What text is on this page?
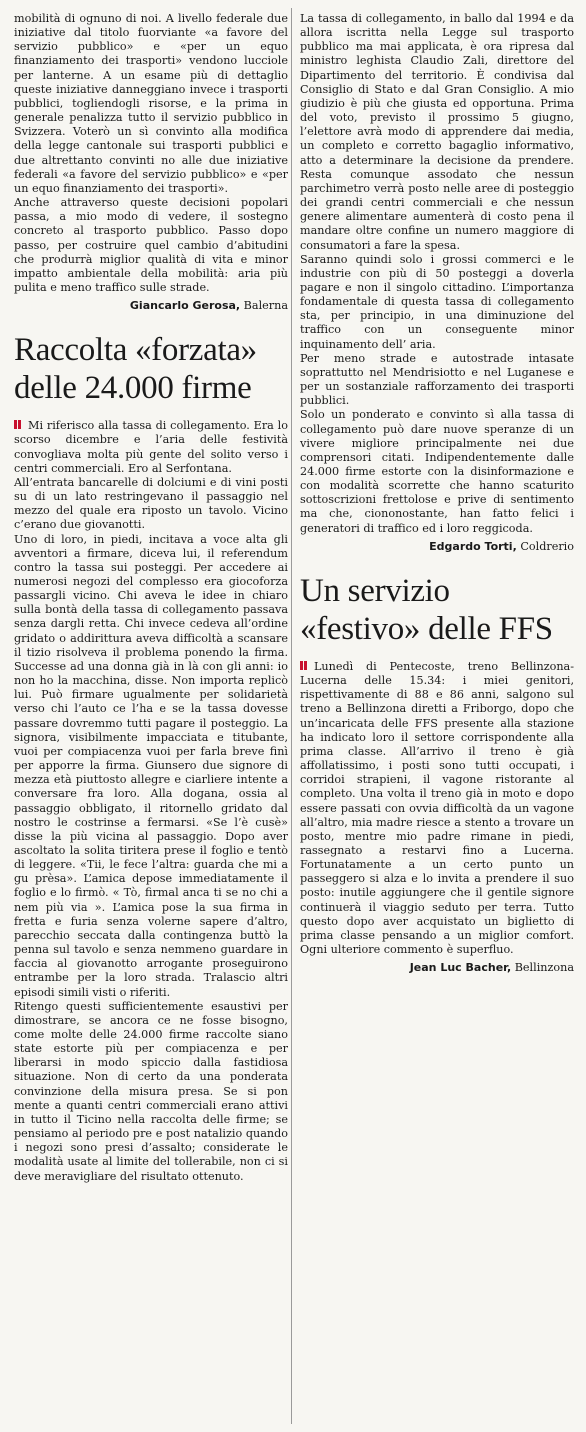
mobilità di ognuno di noi. A livello federale due iniziative dal titolo fuorviante «a favore del servizio pubblico» e «per un equo finanziamento dei trasporti» vendono lucciole per lanterne. A un esame più di dettaglio queste iniziative danneggiano invece i trasporti pubblici, togliendogli risorse, e la prima in generale penalizza tutto il servizio pubblico in Svizzera. Voterò un sì convinto alla modifica della legge cantonale sui trasporti pubblici e due altrettanto convinti no alle due iniziative federali «a favore del servizio pubblico» e «per un equo finanziamento dei trasporti».

Anche attraverso queste decisioni popolari passa, a mio modo di vedere, il sostegno concreto al trasporto pubblico. Passo dopo passo, per costruire quel cambio d’abitudini che produrrà miglior qualità di vita e minor impatto ambientale della mobilità: aria più pulita e meno traffico sulle strade.

Giancarlo Gerosa, Balerna
Raccolta «forzata» delle 24.000 firme

Mi riferisco alla tassa di collegamento. Era lo scorso dicembre e l’aria delle festività convogliava molta più gente del solito verso i centri commerciali. Ero al Serfontana.

All’entrata bancarelle di dolciumi e di vini posti su di un lato restringevano il passaggio nel mezzo del quale era riposto un tavolo. Vicino c’erano due giovanotti.

Uno di loro, in piedi, incitava a voce alta gli avventori a firmare, diceva lui, il referendum contro la tassa sui posteggi. Per accedere ai numerosi negozi del complesso era giocoforza passargli vicino. Chi aveva le idee in chiaro sulla bontà della tassa di collegamento passava senza dargli retta. Chi invece cedeva all’ordine gridato o addirittura aveva difficoltà a scansare il tizio risolveva il problema ponendo la firma. Successe ad una donna già in là con gli anni: io non ho la macchina, disse. Non importa replicò lui. Può firmare ugualmente per solidarietà verso chi l’auto ce l’ha e se la tassa dovesse passare dovremmo tutti pagare il posteggio. La signora, visibilmente impacciata e titubante, vuoi per compiacenza vuoi per farla breve finì per apporre la firma. Giunsero due signore di mezza età piuttosto allegre e ciarliere intente a conversare fra loro. Alla dogana, ossia al passaggio obbligato, il ritornello gridato dal nostro le costrinse a fermarsi. «Se l’è cusè» disse la più vicina al passaggio. Dopo aver ascoltato la solita tiritera prese il foglio e tentò di leggere. «Tii, le fece l’altra: guarda che mi a gu prèsa». L’amica depose immediatamente il foglio e lo firmò. « Tò, firmal anca ti se no chi a nem più via ». L’amica pose la sua firma in fretta e furia senza volerne sapere d’altro, parecchio seccata dalla contingenza buttò la penna sul tavolo e senza nemmeno guardare in faccia al giovanotto arrogante proseguirono entrambe per la loro strada. Tralascio altri episodi simili visti o riferiti.

Ritengo questi sufficientemente esaustivi per dimostrare, se ancora ce ne fosse bisogno, come molte delle 24.000 firme raccolte siano state estorte più per compiacenza e per liberarsi in modo spiccio dalla fastidiosa situazione. Non di certo da una ponderata convinzione della misura presa. Se si pon mente a quanti centri commerciali erano attivi in tutto il Ticino nella raccolta delle firme; se pensiamo al periodo pre e post natalizio quando i negozi sono presi d’assalto; considerate le modalità usate al limite del tollerabile, non ci si deve meravigliare del risultato ottenuto.

La tassa di collegamento, in ballo dal 1994 e da allora iscritta nella Legge sul trasporto pubblico ma mai applicata, è ora ripresa dal ministro leghista Claudio Zali, direttore del Dipartimento del territorio. È condivisa dal Consiglio di Stato e dal Gran Consiglio. A mio giudizio è più che giusta ed opportuna. Prima del voto, previsto il prossimo 5 giugno, l’elettore avrà modo di apprendere dai media, un completo e corretto bagaglio informativo, atto a determinare la decisione da prendere. Resta comunque assodato che nessun parchimetro verrà posto nelle aree di posteggio dei grandi centri commerciali e che nessun genere alimentare aumenterà di costo pena il mandare oltre confine un numero maggiore di consumatori a fare la spesa.

Saranno quindi solo i grossi commerci e le industrie con più di 50 posteggi a doverla pagare e non il singolo cittadino. L’importanza fondamentale di questa tassa di collegamento sta, per principio, in una diminuzione del traffico con un conseguente minor inquinamento dell’ aria.

Per meno strade e autostrade intasate soprattutto nel Mendrisiotto e nel Luganese e per un sostanziale rafforzamento dei trasporti pubblici.

Solo un ponderato e convinto sì alla tassa di collegamento può dare nuove speranze di un vivere migliore principalmente nei due comprensori citati. Indipendentemente dalle 24.000 firme estorte con la disinformazione e con modalità scorrette che hanno scaturito sottoscrizioni frettolose e prive di sentimento ma che, ciononostante, han fatto felici i generatori di traffico ed i loro reggicoda.

Edgardo Torti, Coldrerio
Un servizio «festivo» delle FFS

Lunedì di Pentecoste, treno Bellinzona-Lucerna delle 15.34: i miei genitori, rispettivamente di 88 e 86 anni, salgono sul treno a Bellinzona diretti a Friborgo, dopo che un’incaricata delle FFS presente alla stazione ha indicato loro il settore corrispondente alla prima classe. All’arrivo il treno è già affollatissimo, i posti sono tutti occupati, i corridoi strapieni, il vagone ristorante al completo. Una volta il treno già in moto e dopo essere passati con ovvia difficoltà da un vagone all’altro, mia madre riesce a stento a trovare un posto, mentre mio padre rimane in piedi, rassegnato a restarvi fino a Lucerna. Fortunatamente a un certo punto un passeggero si alza e lo invita a prendere il suo posto: inutile aggiungere che il gentile signore continuerà il viaggio seduto per terra. Tutto questo dopo aver acquistato un biglietto di prima classe pensando a un miglior comfort. Ogni ulteriore commento è superfluo.

Jean Luc Bacher, Bellinzona
